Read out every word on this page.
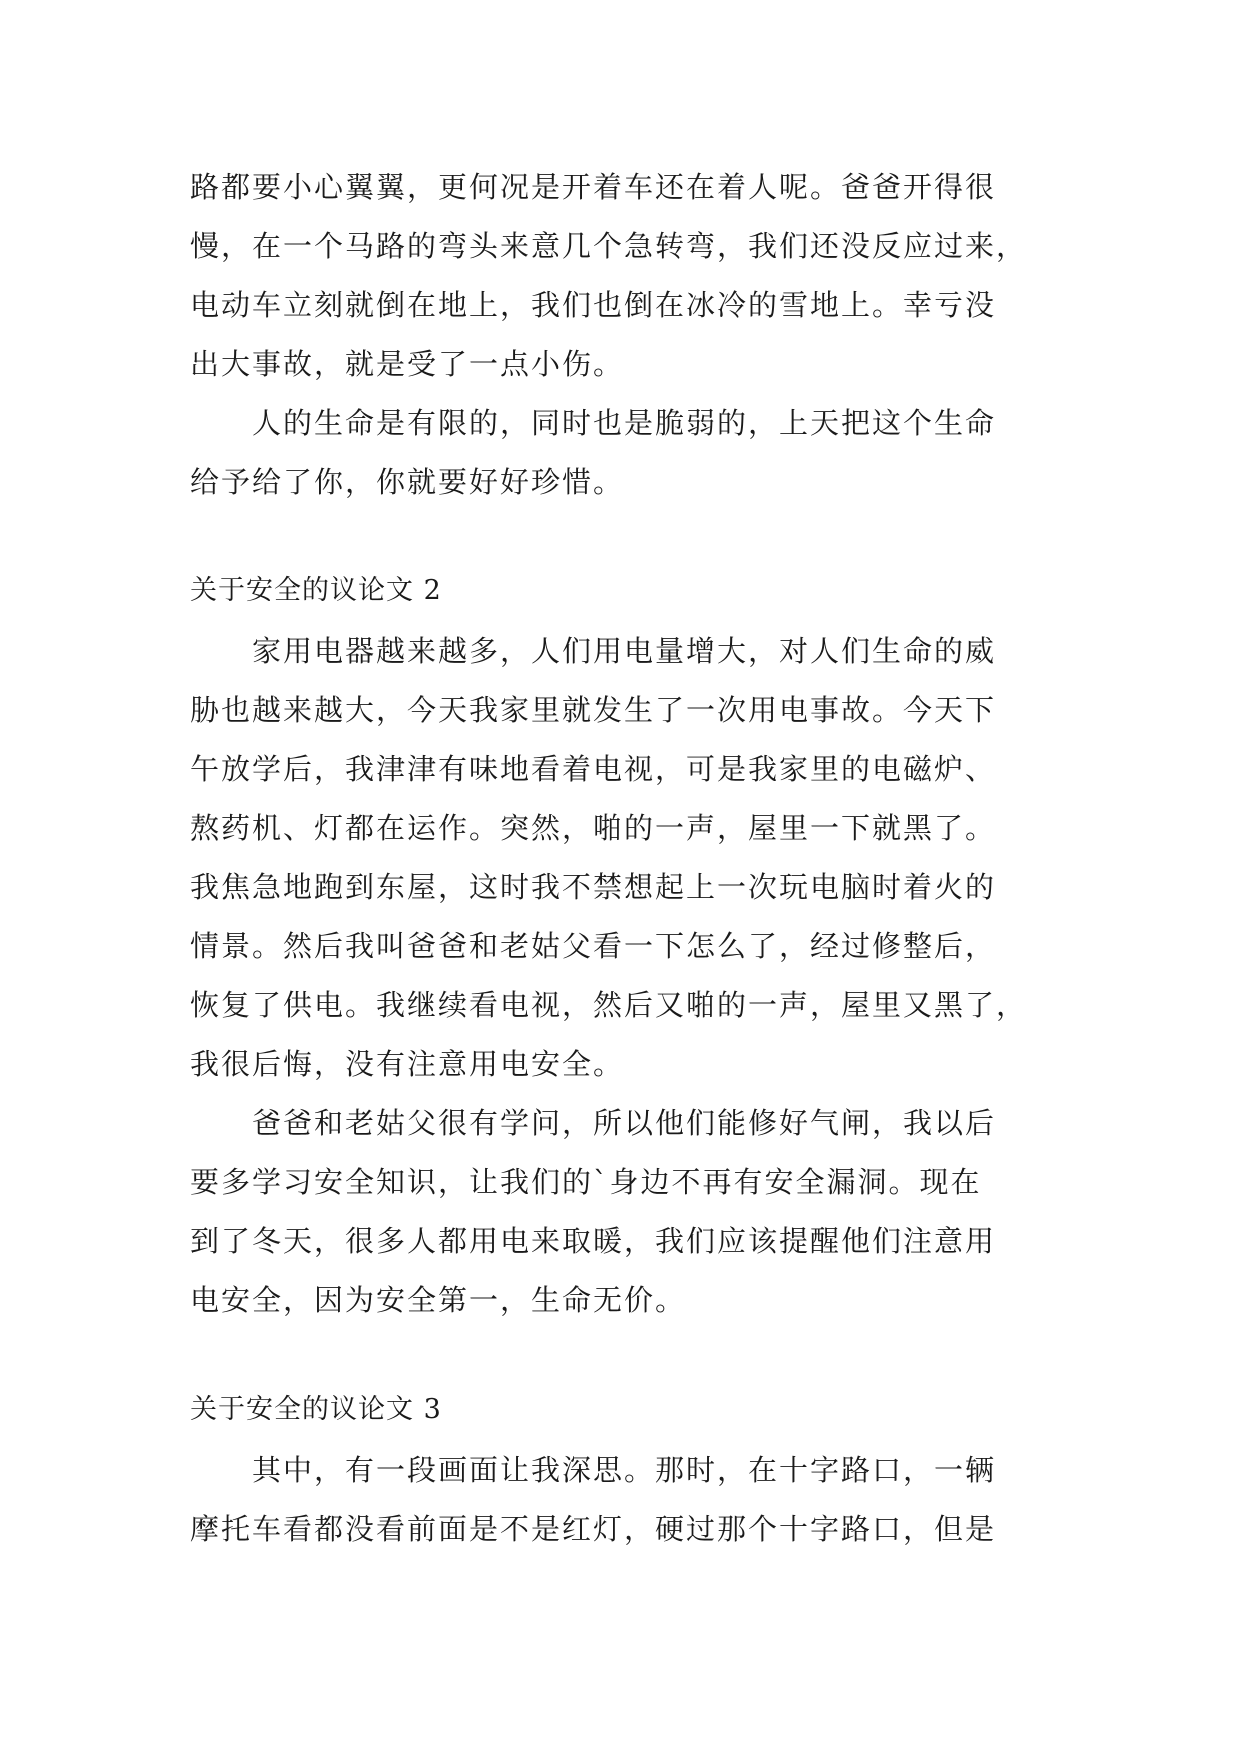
路都要小心翼翼，更何况是开着车还在着人呢。爸爸开得很
慢，在一个马路的弯头来意几个急转弯，我们还没反应过来，
电动车立刻就倒在地上，我们也倒在冰冷的雪地上。幸亏没
出大事故，就是受了一点小伤。
　　人的生命是有限的，同时也是脆弱的，上天把这个生命
给予给了你，你就要好好珍惜。
关于安全的议论文 2
　　家用电器越来越多，人们用电量增大，对人们生命的威
胁也越来越大，今天我家里就发生了一次用电事故。今天下
午放学后，我津津有味地看着电视，可是我家里的电磁炉、
熬药机、灯都在运作。突然，啪的一声，屋里一下就黑了。
我焦急地跑到东屋，这时我不禁想起上一次玩电脑时着火的
情景。然后我叫爸爸和老姑父看一下怎么了，经过修整后，
恢复了供电。我继续看电视，然后又啪的一声，屋里又黑了，
我很后悔，没有注意用电安全。
　　爸爸和老姑父很有学问，所以他们能修好气闸，我以后
要多学习安全知识，让我们的`身边不再有安全漏洞。现在
到了冬天，很多人都用电来取暖，我们应该提醒他们注意用
电安全，因为安全第一，生命无价。
关于安全的议论文 3
　　其中，有一段画面让我深思。那时，在十字路口，一辆
摩托车看都没看前面是不是红灯，硬过那个十字路口，但是
